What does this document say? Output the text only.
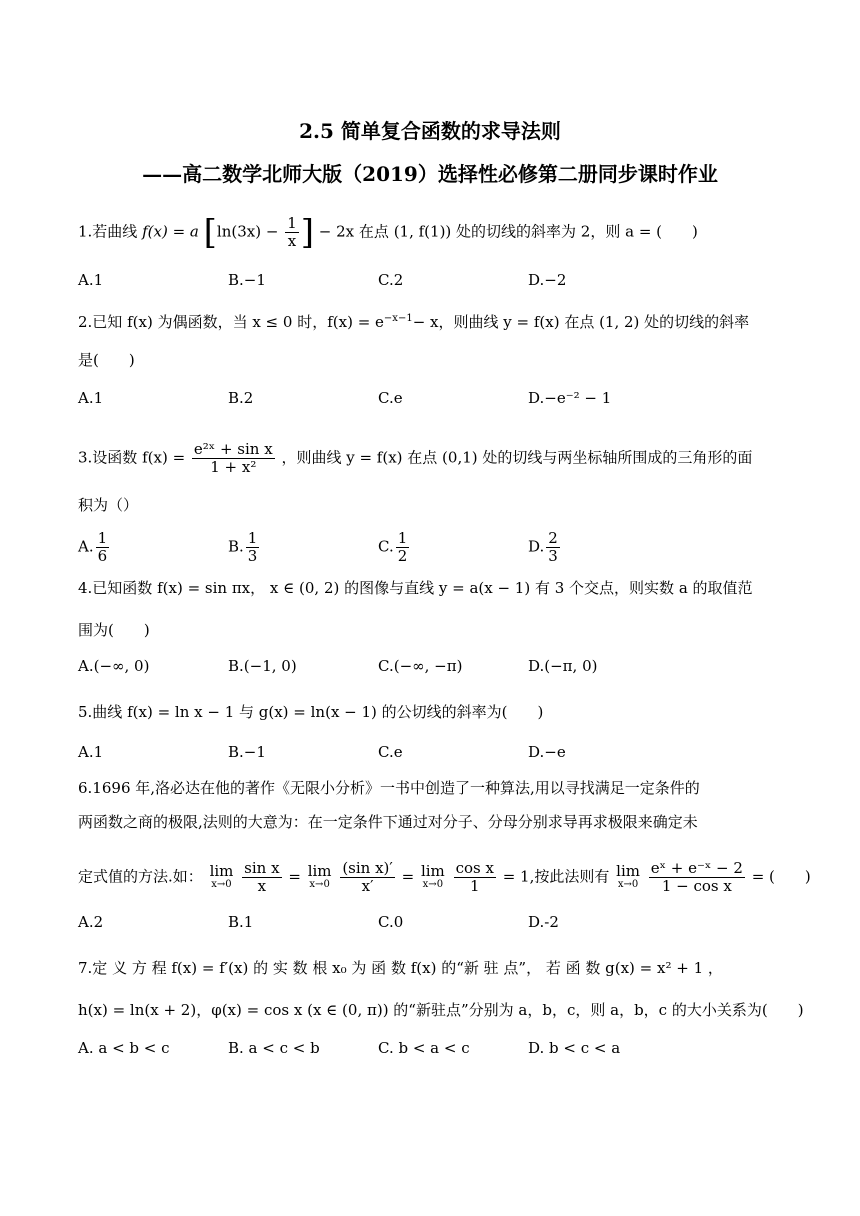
2.5 简单复合函数的求导法则
——高二数学北师大版（2019）选择性必修第二册同步课时作业
1.若曲线 f(x) = a [$\ln(3x) - \frac{1}{x}$ ] − 2x 在点 (1, f(1)) 处的切线的斜率为 2，则 a = (　　)
A.1	B.−1	C.2	D.−2
2.已知 f(x) 为偶函数，当 x ≤ 0 时，$f(x) = e^{-x-1}- x$，则曲线 y = f(x) 在点 (1, 2) 处的切线的斜率
是(　　)
A.1	B.2	C.e	D.−e⁻² − 1
3.设函数 $f(x) = \frac{\text{e²ˣ + sin x}}{\text{1 + x²}}$ ，则曲线 y = f(x) 在点 (0,1) 处的切线与两坐标轴所围成的三角形的面
积为（）
A. $\frac{1}{6}$	B. $\frac{1}{3}$	C. $\frac{1}{2}$	D. $\frac{2}{3}$
4.已知函数 f(x) = sin πx， x ∈ (0, 2) 的图像与直线 y = a(x − 1) 有 3 个交点，则实数 a 的取值范
围为(　　)
A.(−∞, 0)	B.(−1, 0)	C.(−∞, −π)	D.(−π, 0)
5.曲线 f(x) = ln x − 1 与 g(x) = ln(x − 1) 的公切线的斜率为(　　)
A.1	B.−1	C.e	D.−e
6.1696 年,洛必达在他的著作《无限小分析》一书中创造了一种算法,用以寻找满足一定条件的
两函数之商的极限,法则的大意为：在一定条件下通过对分子、分母分别求导再求极限来确定未
定式值的方法.如： lim
x→0
$\frac{\text{sin x}}{x} = \lim$
x→0
$\frac{\text{(sin x)′}}{x'} = \lim$
x→0
$\frac{\text{cos x}}{1} = 1$,按此法则有 lim
x→0
$\frac{\text{eˣ + e⁻ˣ − 2}}{\text{1 − cos x}}$ = (　　)
A.2	B.1	C.0	D.-2
7.定 义 方 程 f(x) = f′(x) 的 实 数 根 x₀ 为 函 数 f(x) 的“新 驻 点”， 若 函 数 g(x) = x² + 1 ，
h(x) = ln(x + 2)，φ(x) = cos x (x ∈ (0, π)) 的“新驻点”分别为 a，b，c，则 a，b，c 的大小关系为(　　)
A. a < b < c	B. a < c < b	C. b < a < c	D. b < c < a
